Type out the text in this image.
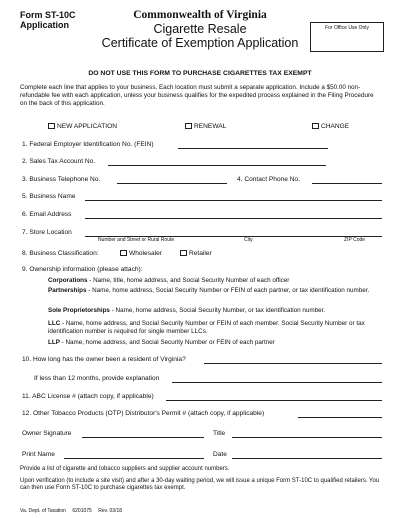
Form ST-10C
Application
Commonwealth of Virginia
Cigarette Resale
Certificate of Exemption Application
For Office Use Only
DO NOT USE THIS FORM TO PURCHASE CIGARETTES TAX EXEMPT
Complete each line that applies to your business. Each location must submit a separate application. Include a $50.00 non-refundable fee with each application, unless your business qualifies for the expedited process explained in the Filing Procedure on the back of this application.
NEW APPLICATION	RENEWAL	CHANGE
1. Federal Employer Identification No. (FEIN)
2. Sales Tax Account No.
3. Business Telephone No.	4. Contact Phone No.
5. Business Name
6. Email Address
7. Store Location
Number and Street or Rural Route	City	ZIP Code
8. Business Classification:	Wholesaler	Retailer
9. Ownership information (please attach):
Corporations - Name, title, home address, and Social Security Number of each officer
Partnerships - Name, home address, Social Security Number or FEIN of each partner, or tax identification number.
Sole Proprietorships - Name, home address, Social Security Number, or tax identification number.
LLC - Name, home address, and Social Security Number or FEIN of each member. Social Security Number or tax identification number is required for single member LLCs.
LLP - Name, home address, and Social Security Number or FEIN of each partner
10. How long has the owner been a resident of Virginia?
If less than 12 months, provide explanation
11. ABC License # (attach copy, if applicable)
12. Other Tobacco Products (OTP) Distributor's Permit # (attach copy, if applicable)
Owner Signature	Title
Print Name	Date
Provide a list of cigarette and tobacco suppliers and supplier account numbers.
Upon verification (to include a site visit) and after a 30-day waiting period, we will issue a unique Form ST-10C to qualified retailers. You can then use Form ST-10C to purchase cigarettes tax exempt.
Va. Dept. of Taxation 6201075 Rev. 03/18
